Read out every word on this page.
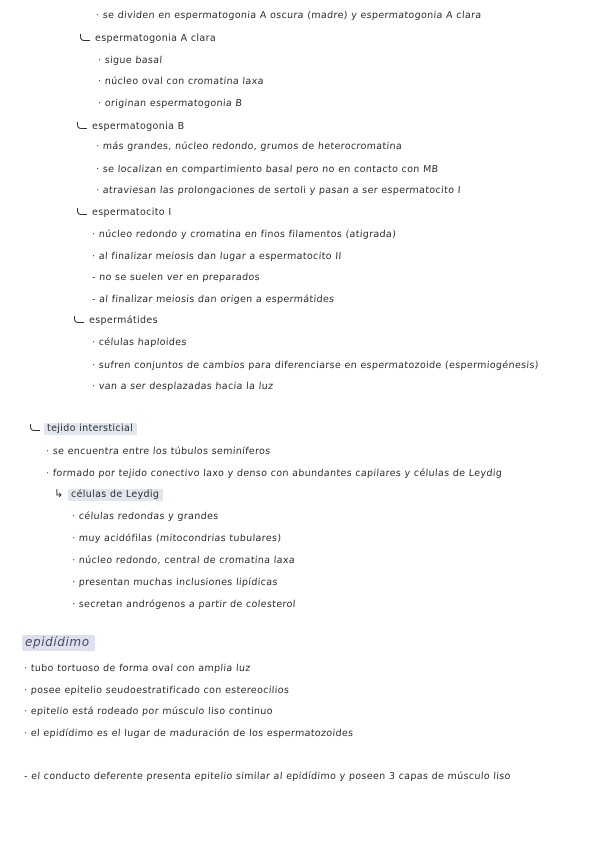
· se dividen en espermatogonia A oscura (madre) y espermatogonia A clara
espermatogonia A clara
· sigue basal
· núcleo oval con cromatina laxa
· originan espermatogonia B
espermatogonia B
· más grandes, núcleo redondo, grumos de heterocromatina
· se localizan en compartimiento basal pero no en contacto con MB
· atraviesan las prolongaciones de sertoli y pasan a ser espermatocito I
espermatocito I
· núcleo redondo y cromatina en finos filamentos (atigrada)
· al finalizar meiosis dan lugar a espermatocito II
- no se suelen ver en preparados
- al finalizar meiosis dan origen a espermátides
espermátides
· células haploides
· sufren conjuntos de cambios para diferenciarse en espermatozoide (espermiogénesis)
· van a ser desplazadas hacia la luz
tejido intersticial
· se encuentra entre los túbulos seminíferos
· formado por tejido conectivo laxo y denso con abundantes capilares y células de Leydig
↳ células de Leydig
· células redondas y grandes
· muy acidófilas (mitocondrias tubulares)
· núcleo redondo, central de cromatina laxa
· presentan muchas inclusiones lipídicas
· secretan andrógenos a partir de colesterol
epidídimo
· tubo tortuoso de forma oval con amplia luz
· posee epitelio seudoestratificado con estereocilios
· epitelio está rodeado por músculo liso continuo
· el epidídimo es el lugar de maduración de los espermatozoides
- el conducto deferente presenta epitelio similar al epidídimo y poseen 3 capas de músculo liso
